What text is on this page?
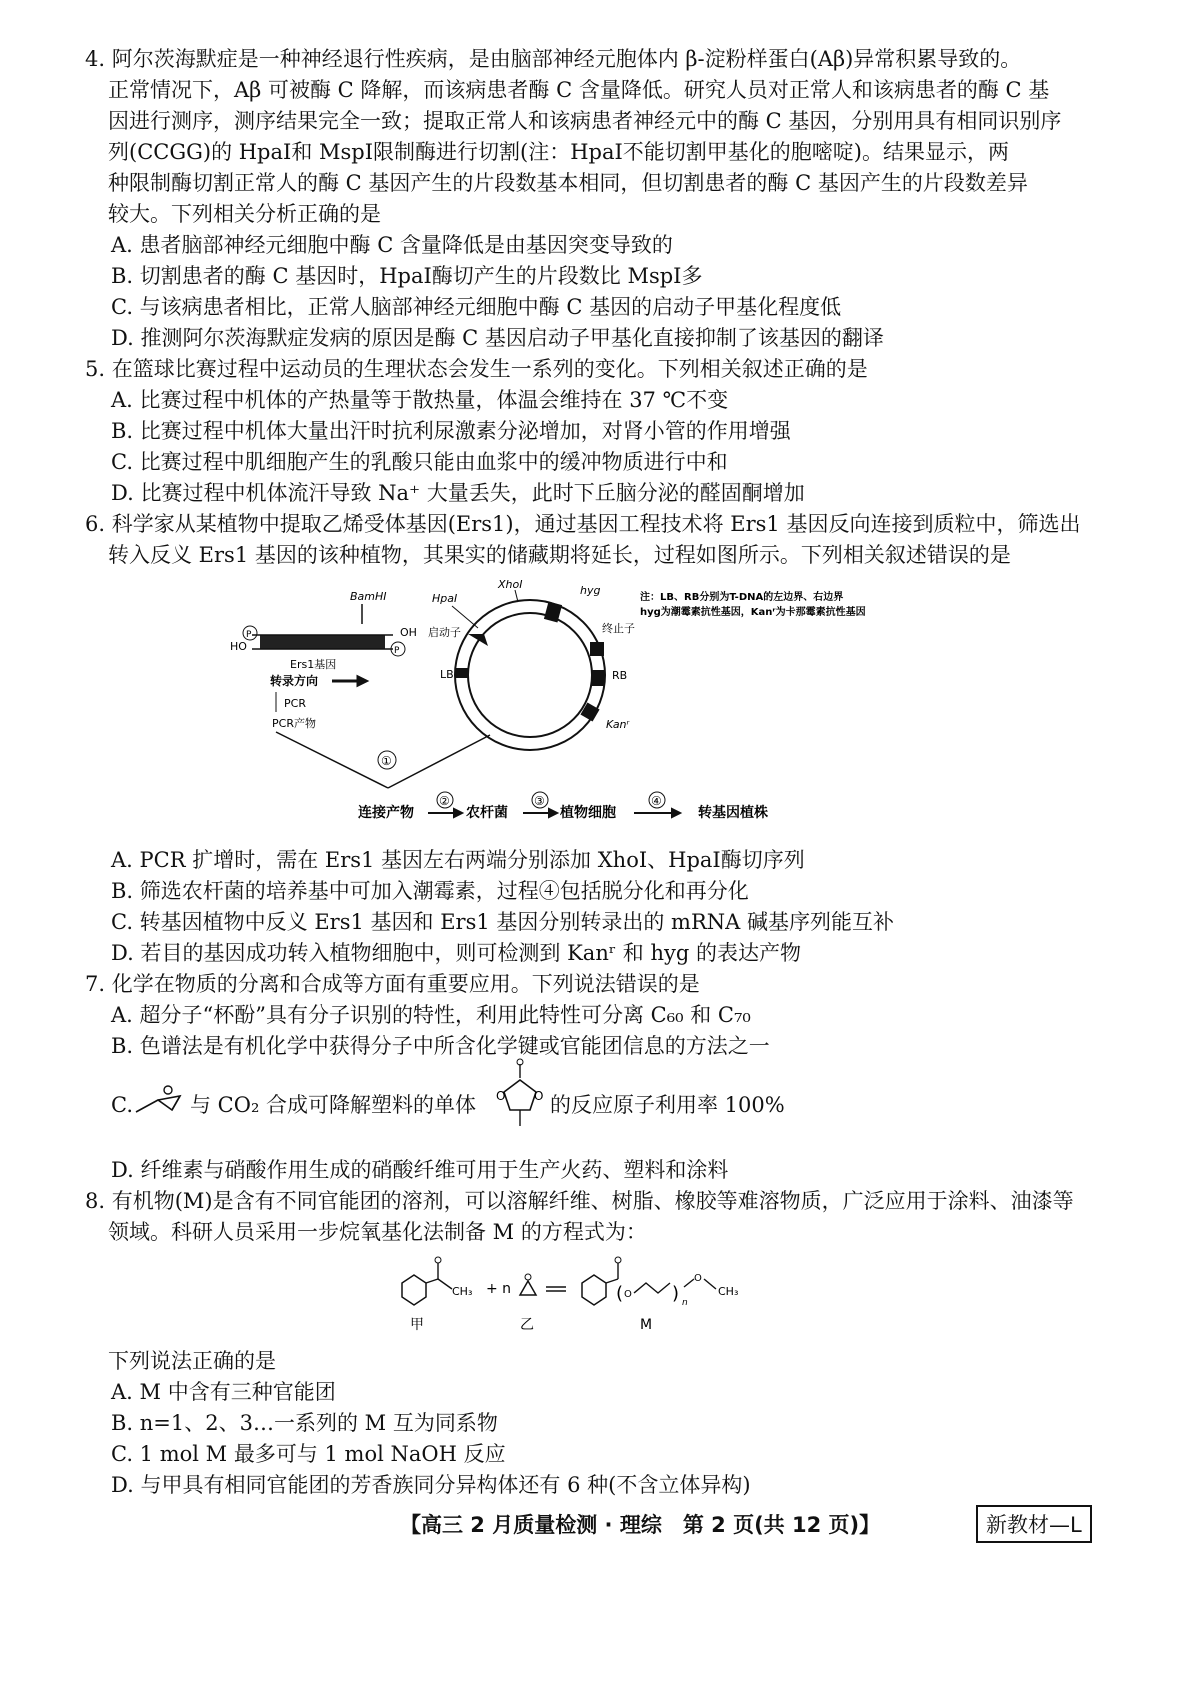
4. 阿尔茨海默症是一种神经退行性疾病，是由脑部神经元胞体内 β-淀粉样蛋白(Aβ)异常积累导致的。
正常情况下，Aβ 可被酶 C 降解，而该病患者酶 C 含量降低。研究人员对正常人和该病患者的酶 C 基
因进行测序，测序结果完全一致；提取正常人和该病患者神经元中的酶 C 基因，分别用具有相同识别序
列(CCGG)的 HpaⅠ和 MspⅠ限制酶进行切割(注：HpaⅠ不能切割甲基化的胞嘧啶)。结果显示，两
种限制酶切割正常人的酶 C 基因产生的片段数基本相同，但切割患者的酶 C 基因产生的片段数差异
较大。下列相关分析正确的是
A. 患者脑部神经元细胞中酶 C 含量降低是由基因突变导致的
B. 切割患者的酶 C 基因时，HpaⅠ酶切产生的片段数比 MspⅠ多
C. 与该病患者相比，正常人脑部神经元细胞中酶 C 基因的启动子甲基化程度低
D. 推测阿尔茨海默症发病的原因是酶 C 基因启动子甲基化直接抑制了该基因的翻译
5. 在篮球比赛过程中运动员的生理状态会发生一系列的变化。下列相关叙述正确的是
A. 比赛过程中机体的产热量等于散热量，体温会维持在 37 ℃不变
B. 比赛过程中机体大量出汗时抗利尿激素分泌增加，对肾小管的作用增强
C. 比赛过程中肌细胞产生的乳酸只能由血浆中的缓冲物质进行中和
D. 比赛过程中机体流汗导致 Na⁺ 大量丢失，此时下丘脑分泌的醛固酮增加
6. 科学家从某植物中提取乙烯受体基因(Ers1)，通过基因工程技术将 Ers1 基因反向连接到质粒中，筛选出
转入反义 Ers1 基因的该种植物，其果实的储藏期将延长，过程如图所示。下列相关叙述错误的是
BamHⅠ
P
HO	P
OH
Ers1基因
转录方向
PCR
PCR产物
XhoⅠ
HpaⅠ
hyg
启动子	终止子
LB	RB
Kanʳ
注：LB、RB分别为T-DNA的左边界、右边界
hyg为潮霉素抗性基因，Kanʳ为卡那霉素抗性基因
①
连接产物
②
农杆菌
③
植物细胞
④
转基因植株
A. PCR 扩增时，需在 Ers1 基因左右两端分别添加 XhoⅠ、HpaⅠ酶切序列
B. 筛选农杆菌的培养基中可加入潮霉素，过程④包括脱分化和再分化
C. 转基因植物中反义 Ers1 基因和 Ers1 基因分别转录出的 mRNA 碱基序列能互补
D. 若目的基因成功转入植物细胞中，则可检测到 Kanʳ 和 hyg 的表达产物
7. 化学在物质的分离和合成等方面有重要应用。下列说法错误的是
A. 超分子“杯酚”具有分子识别的特性，利用此特性可分离 C₆₀ 和 C₇₀
B. 色谱法是有机化学中获得分子中所含化学键或官能团信息的方法之一
C.	与 CO₂ 合成可降解塑料的单体 O O 的反应原子利用率 100%
D. 纤维素与硝酸作用生成的硝酸纤维可用于生产火药、塑料和涂料
8. 有机物(M)是含有不同官能团的溶剂，可以溶解纤维、树脂、橡胶等难溶物质，广泛应用于涂料、油漆等
领域。科研人员采用一步烷氧基化法制备 M 的方程式为：
CH₃ + n	( O ) n
O
CH₃
甲	乙	M
下列说法正确的是
A. M 中含有三种官能团
B. n=1、2、3…一系列的 M 互为同系物
C. 1 mol M 最多可与 1 mol NaOH 反应
D. 与甲具有相同官能团的芳香族同分异构体还有 6 种(不含立体异构)
【高三 2 月质量检测 · 理综　第 2 页(共 12 页)】	新教材—L
